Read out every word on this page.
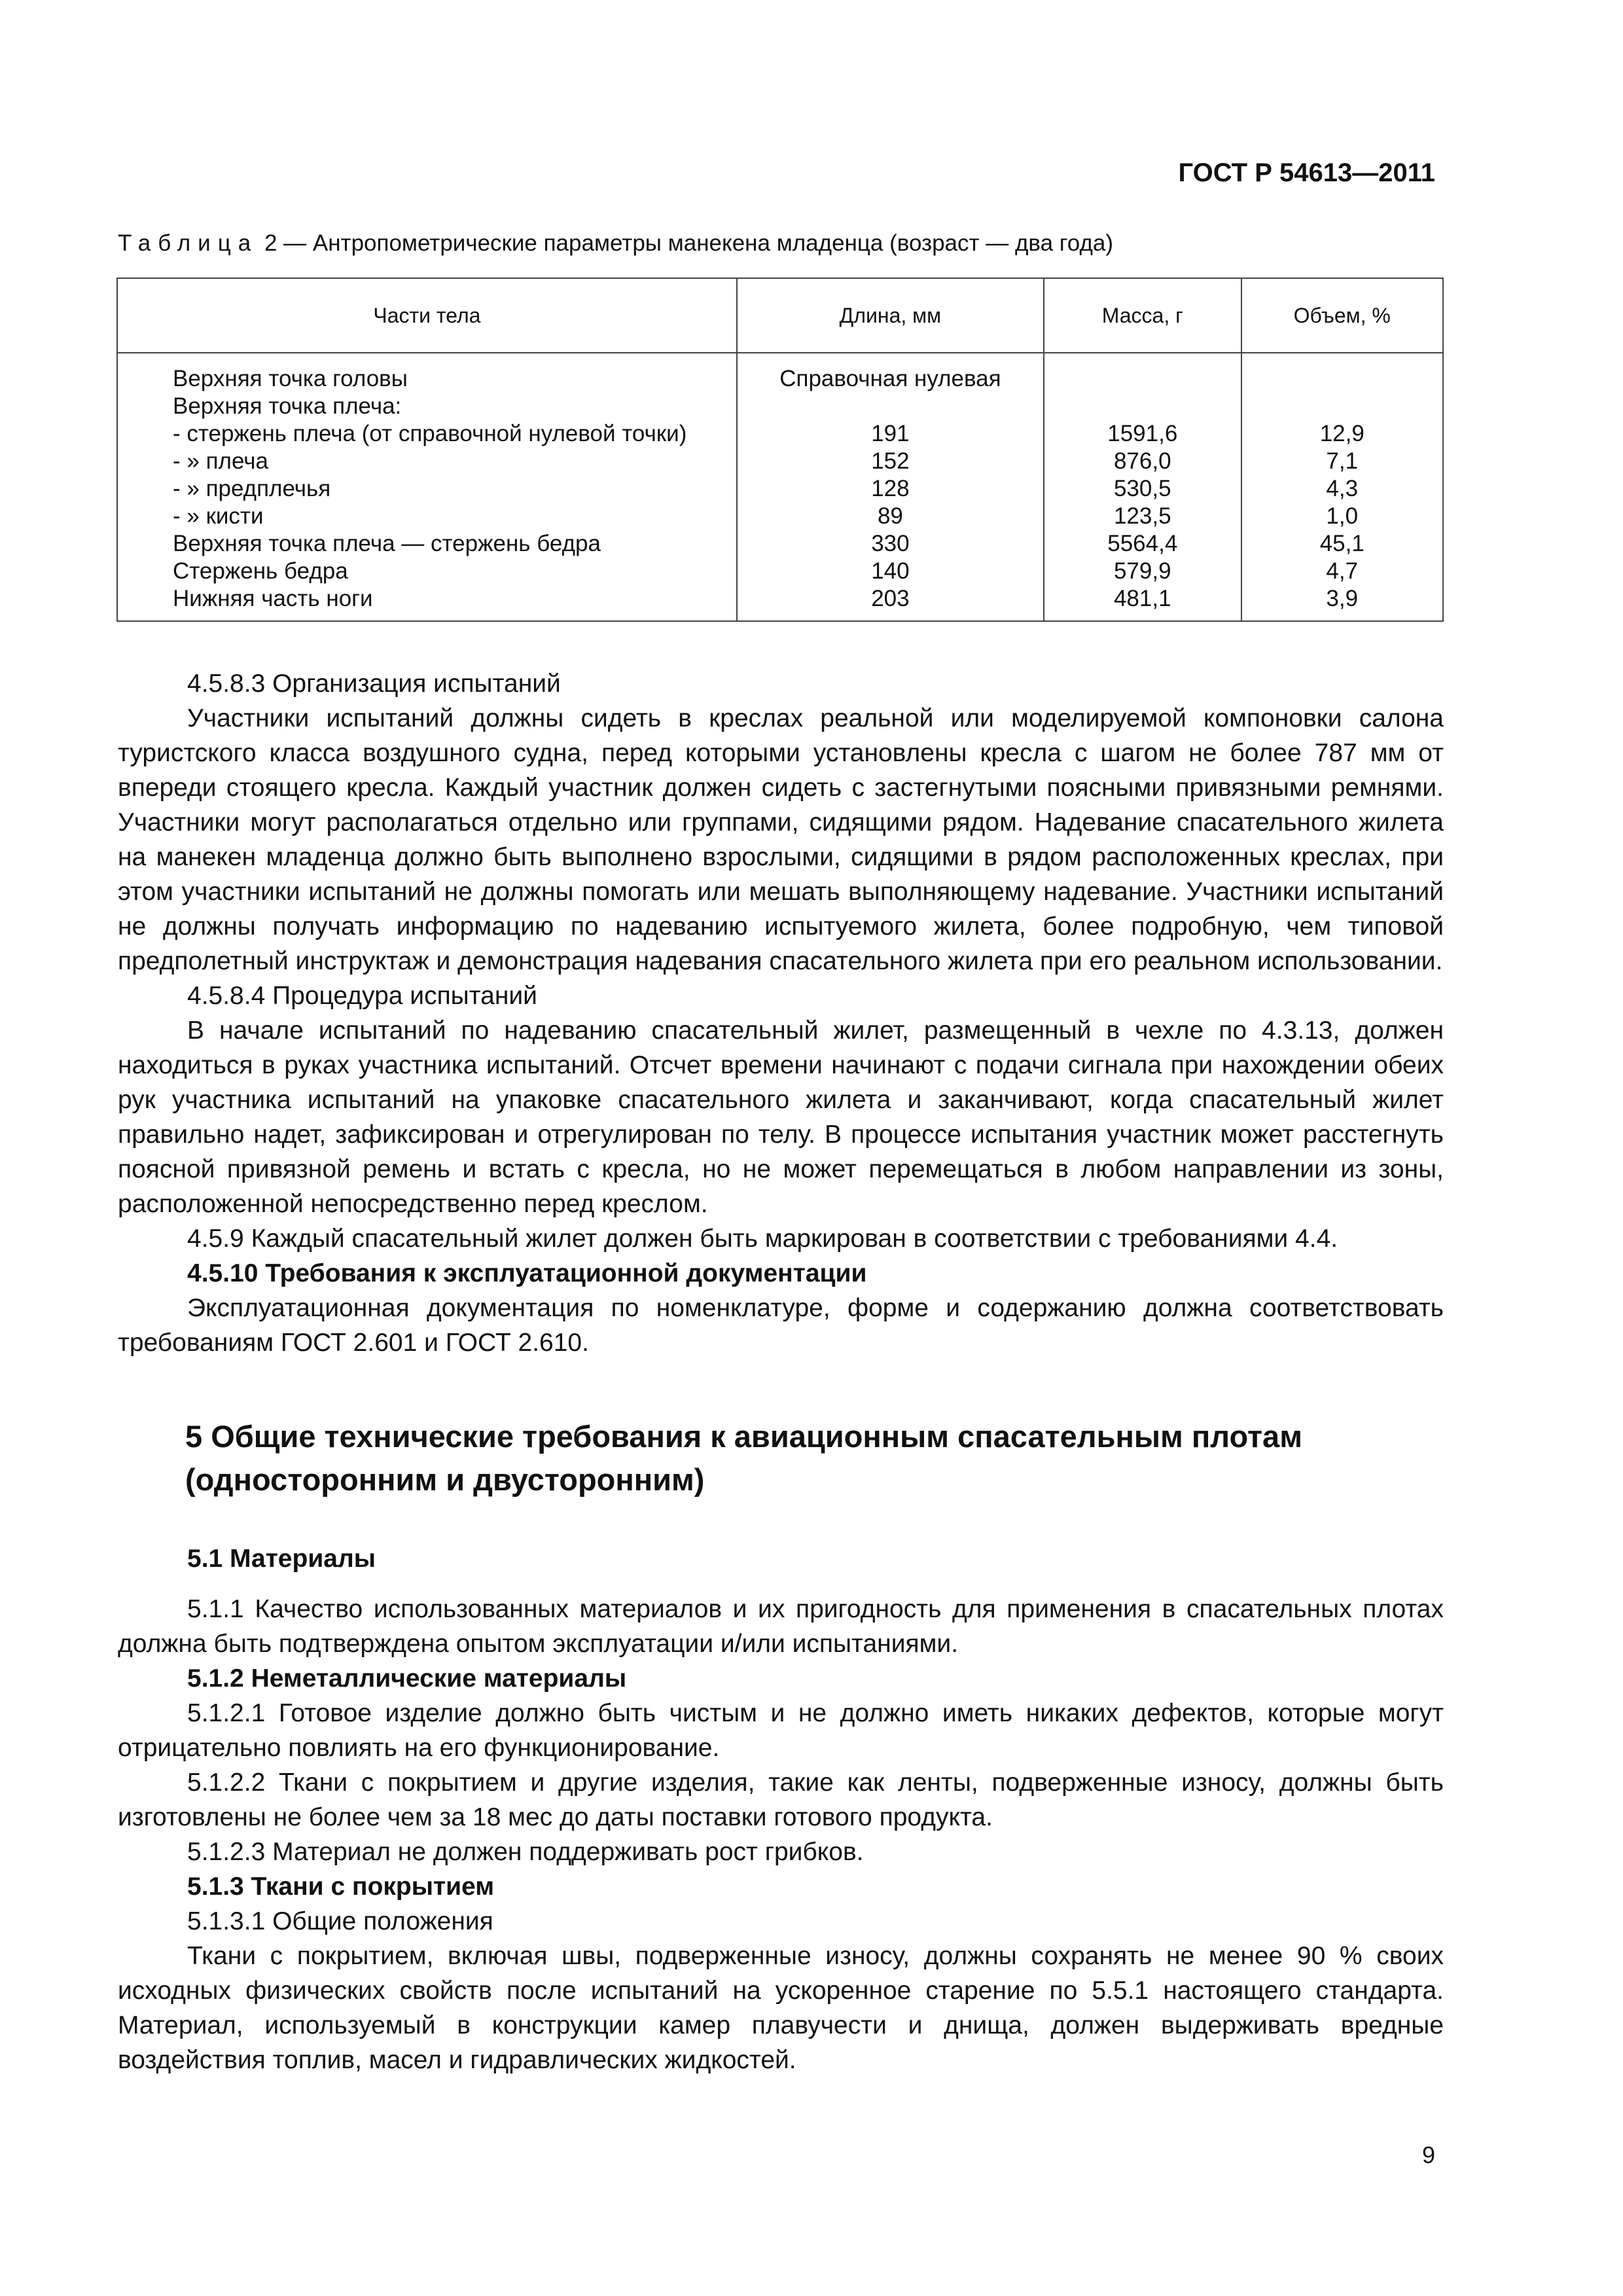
ГОСТ Р 54613—2011
Таблица 2 — Антропометрические параметры манекена младенца (возраст — два года)
Части тела	Длина, мм	Масса, г	Объем, %
Верхняя точка головы	Справочная нулевая		
Верхняя точка плеча:			
- стержень плеча (от справочной нулевой точки)	191	1591,6	12,9
- » плеча	152	876,0	7,1
- » предплечья	128	530,5	4,3
- » кисти	89	123,5	1,0
Верхняя точка плеча — стержень бедра	330	5564,4	45,1
Стержень бедра	140	579,9	4,7
Нижняя часть ноги	203	481,1	3,9

4.5.8.3 Организация испытаний

Участники испытаний должны сидеть в креслах реальной или моделируемой компоновки салона туристского класса воздушного судна, перед которыми установлены кресла с шагом не более 787 мм от впереди стоящего кресла. Каждый участник должен сидеть с застегнутыми поясными привязными ремнями. Участники могут располагаться отдельно или группами, сидящими рядом. Надевание спасательного жилета на манекен младенца должно быть выполнено взрослыми, сидящими в рядом расположенных креслах, при этом участники испытаний не должны помогать или мешать выполняющему надевание. Участники испытаний не должны получать информацию по надеванию испытуемого жилета, более подробную, чем типовой предполетный инструктаж и демонстрация надевания спасательного жилета при его реальном использовании.

4.5.8.4 Процедура испытаний

В начале испытаний по надеванию спасательный жилет, размещенный в чехле по 4.3.13, должен находиться в руках участника испытаний. Отсчет времени начинают с подачи сигнала при нахождении обеих рук участника испытаний на упаковке спасательного жилета и заканчивают, когда спасательный жилет правильно надет, зафиксирован и отрегулирован по телу. В процессе испытания участник может расстегнуть поясной привязной ремень и встать с кресла, но не может перемещаться в любом направлении из зоны, расположенной непосредственно перед креслом.

4.5.9 Каждый спасательный жилет должен быть маркирован в соответствии с требованиями 4.4.

4.5.10 Требования к эксплуатационной документации

Эксплуатационная документация по номенклатуре, форме и содержанию должна соответствовать требованиям ГОСТ 2.601 и ГОСТ 2.610.

5 Общие технические требования к авиационным спасательным плотам (односторонним и двусторонним)

5.1 Материалы

5.1.1 Качество использованных материалов и их пригодность для применения в спасательных плотах должна быть подтверждена опытом эксплуатации и/или испытаниями.

5.1.2 Неметаллические материалы

5.1.2.1 Готовое изделие должно быть чистым и не должно иметь никаких дефектов, которые могут отрицательно повлиять на его функционирование.

5.1.2.2 Ткани с покрытием и другие изделия, такие как ленты, подверженные износу, должны быть изготовлены не более чем за 18 мес до даты поставки готового продукта.

5.1.2.3 Материал не должен поддерживать рост грибков.

5.1.3 Ткани с покрытием

5.1.3.1 Общие положения

Ткани с покрытием, включая швы, подверженные износу, должны сохранять не менее 90 % своих исходных физических свойств после испытаний на ускоренное старение по 5.5.1 настоящего стандарта. Материал, используемый в конструкции камер плавучести и днища, должен выдерживать вредные воздействия топлив, масел и гидравлических жидкостей.

9
